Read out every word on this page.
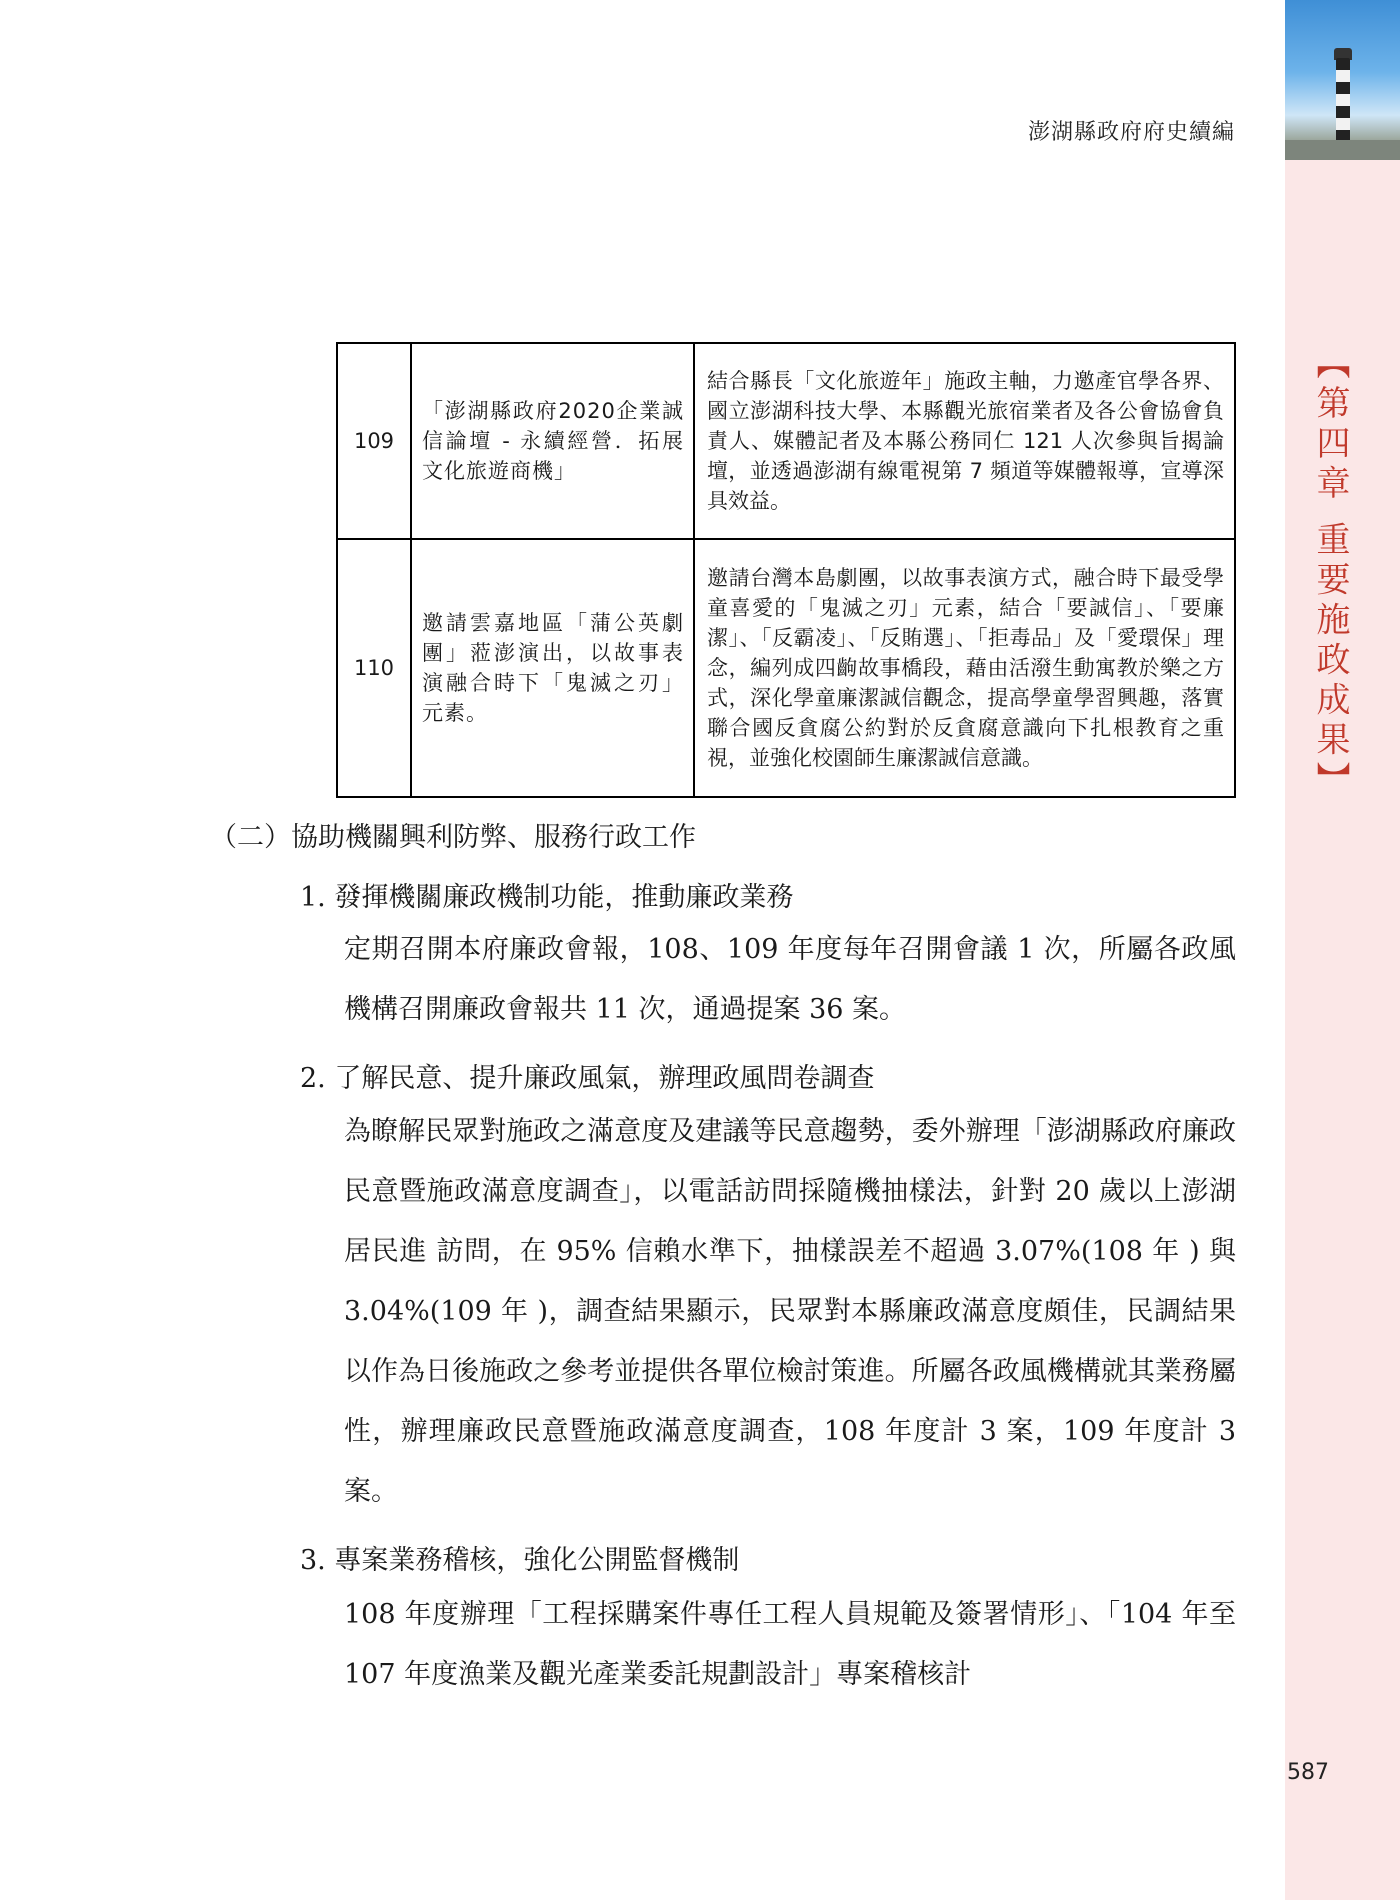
澎湖縣政府府史續編
【第四章 重要施政成果】
587
109	「澎湖縣政府2020企業誠信論壇 - 永續經營．拓展文化旅遊商機」	結合縣長「文化旅遊年」施政主軸，力邀產官學各界、國立澎湖科技大學、本縣觀光旅宿業者及各公會協會負責人、媒體記者及本縣公務同仁 121 人次參與旨揭論壇，並透過澎湖有線電視第 7 頻道等媒體報導，宣導深具效益。
110	邀請雲嘉地區「蒲公英劇團」蒞澎演出，以故事表演融合時下「鬼滅之刃」元素。	邀請台灣本島劇團，以故事表演方式，融合時下最受學童喜愛的「鬼滅之刃」元素，結合「要誠信」、「要廉潔」、「反霸凌」、「反賄選」、「拒毒品」及「愛環保」理念，編列成四齣故事橋段，藉由活潑生動寓教於樂之方式，深化學童廉潔誠信觀念，提高學童學習興趣，落實聯合國反貪腐公約對於反貪腐意識向下扎根教育之重視，並強化校園師生廉潔誠信意識。
（二）協助機關興利防弊、服務行政工作
1. 發揮機關廉政機制功能，推動廉政業務
定期召開本府廉政會報，108、109 年度每年召開會議 1 次，所屬各政風機構召開廉政會報共 11 次，通過提案 36 案。
2. 了解民意、提升廉政風氣，辦理政風問卷調查
為瞭解民眾對施政之滿意度及建議等民意趨勢，委外辦理「澎湖縣政府廉政民意暨施政滿意度調查」，以電話訪問採隨機抽樣法，針對 20 歲以上澎湖居民進 訪問，在 95% 信賴水準下，抽樣誤差不超過 3.07%(108 年 ) 與 3.04%(109 年 )，調查結果顯示，民眾對本縣廉政滿意度頗佳，民調結果以作為日後施政之參考並提供各單位檢討策進。所屬各政風機構就其業務屬性，辦理廉政民意暨施政滿意度調查，108 年度計 3 案，109 年度計 3 案。
3. 專案業務稽核，強化公開監督機制
108 年度辦理「工程採購案件專任工程人員規範及簽署情形」、「104 年至 107 年度漁業及觀光產業委託規劃設計」專案稽核計
